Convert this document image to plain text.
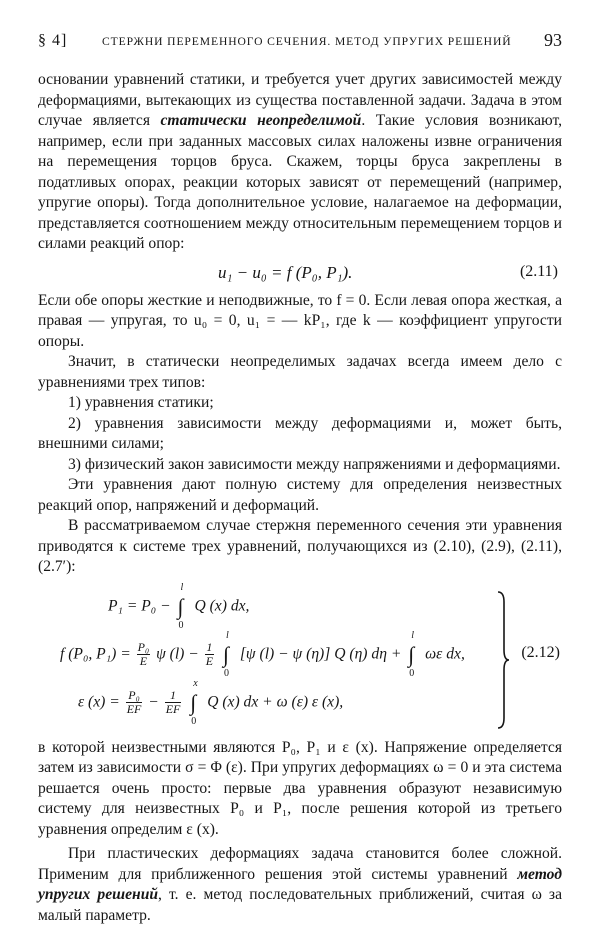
§ 4]	СТЕРЖНИ ПЕРЕМЕННОГО СЕЧЕНИЯ. МЕТОД УПРУГИХ РЕШЕНИЙ 93

основании уравнений статики, и требуется учет других зависимостей между деформациями, вытекающих из существа поставленной задачи. Задача в этом случае является статически неопределимой. Такие условия возникают, например, если при заданных массовых силах наложены извне ограничения на перемещения торцов бруса. Скажем, торцы бруса закреплены в податливых опорах, реакции которых зависят от перемещений (например, упругие опоры). Тогда дополнительное условие, налагаемое на деформации, представляется соотношением между относительным перемещением торцов и силами реакций опор:

u₁ − u₀ = f (P₀, P₁).	(2.11)

Если обе опоры жесткие и неподвижные, то f = 0. Если левая опора жесткая, а правая — упругая, то u₀ = 0, u₁ = — kP₁, где k — коэффициент упругости опоры.

Значит, в статически неопределимых задачах всегда имеем дело с уравнениями трех типов:

1) уравнения статики;
2) уравнения зависимости между деформациями и, может быть, внешними силами;
3) физический закон зависимости между напряжениями и деформациями.

Эти уравнения дают полную систему для определения неизвестных реакций опор, напряжений и деформаций.

В рассматриваемом случае стержня переменного сечения эти уравнения приводятся к системе трех уравнений, получающихся из (2.10), (2.9), (2.11), (2.7′):

P₁ = P₀ −
l
∫
0
Q (x) dx,
f (P₀, $P_1) = \frac{\text{P₀}}{E}$ ψ $(l) - \frac{1}{E}$

l
∫
0
[ψ (l) − ψ (η)] Q (η) dη +
l
∫
0
ωε dx,
ε $(x) = \frac{\text{P₀}}{EF} - \frac{1}{EF}$

x
∫
0
Q (x) dx + ω (ε) ε (x),
(2.12)

в которой неизвестными являются P₀, P₁ и ε (x). Напряжение определяется затем из зависимости σ = Φ (ε). При упругих деформациях ω = 0 и эта система решается очень просто: первые два уравнения образуют независимую систему для неизвестных P₀ и P₁, после решения которой из третьего уравнения определим ε (x).

При пластических деформациях задача становится более сложной. Применим для приближенного решения этой системы уравнений метод упругих решений, т. е. метод последовательных приближений, считая ω за малый параметр.
